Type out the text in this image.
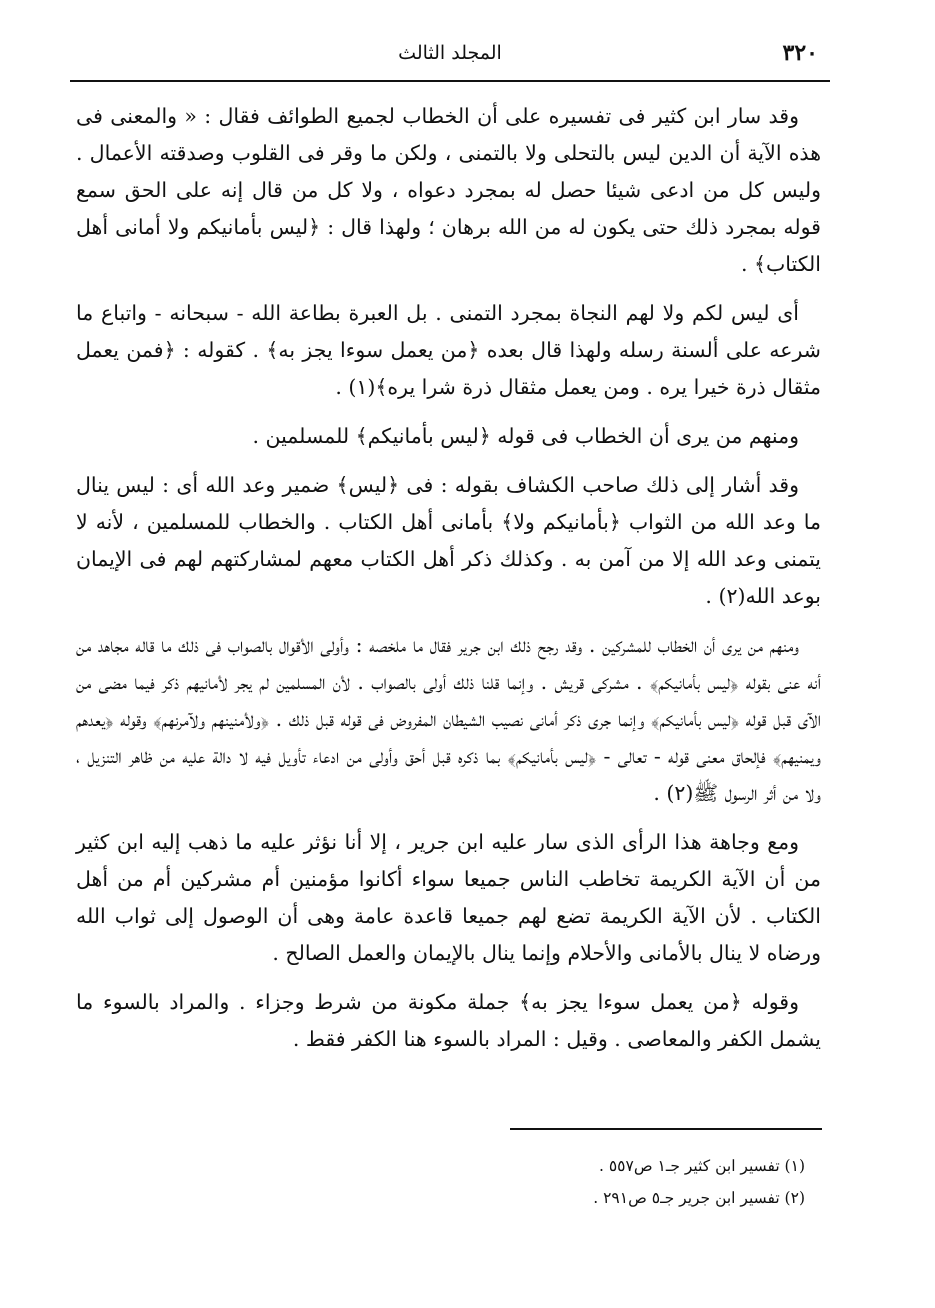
٣٢٠
المجلد الثالث

وقد سار ابن كثير فى تفسيره على أن الخطاب لجميع الطوائف فقال : « والمعنى فى هذه الآية أن الدين ليس بالتحلى ولا بالتمنى ، ولكن ما وقر فى القلوب وصدقته الأعمال . وليس كل من ادعى شيئا حصل له بمجرد دعواه ، ولا كل من قال إنه على الحق سمع قوله بمجرد ذلك حتى يكون له من الله برهان ؛ ولهذا قال : ﴿ليس بأمانيكم ولا أمانى أهل الكتاب﴾ .

أى ليس لكم ولا لهم النجاة بمجرد التمنى . بل العبرة بطاعة الله - سبحانه - واتباع ما شرعه على ألسنة رسله ولهذا قال بعده ﴿من يعمل سوءا يجز به﴾ . كقوله : ﴿فمن يعمل مثقال ذرة خيرا يره . ومن يعمل مثقال ذرة شرا يره﴾(١) .

ومنهم من يرى أن الخطاب فى قوله ﴿ليس بأمانيكم﴾ للمسلمين .

وقد أشار إلى ذلك صاحب الكشاف بقوله : فى ﴿ليس﴾ ضمير وعد الله أى : ليس ينال ما وعد الله من الثواب ﴿بأمانيكم ولا﴾ بأمانى أهل الكتاب . والخطاب للمسلمين ، لأنه لا يتمنى وعد الله إلا من آمن به . وكذلك ذكر أهل الكتاب معهم لمشاركتهم لهم فى الإيمان بوعد الله(٢) .

ومنهم من يرى أن الخطاب للمشركين . وقد رجح ذلك ابن جرير فقال ما ملخصه : وأولى الأقوال بالصواب فى ذلك ما قاله مجاهد من أنه عنى بقوله ﴿ليس بأمانيكم﴾ . مشركى قريش . وإنما قلنا ذلك أولى بالصواب . لأن المسلمين لم يجر لأمانيهم ذكر فيما مضى من الآى قبل قوله ﴿ليس بأمانيكم﴾ وإنما جرى ذكر أمانى نصيب الشيطان المفروض فى قوله قبل ذلك . ﴿ولأمنينهم ولآمرنهم﴾ وقوله ﴿يعدهم ويمنيهم﴾ فإلحاق معنى قوله - تعالى - ﴿ليس بأمانيكم﴾ بما ذكره قبل أحق وأولى من ادعاء تأويل فيه لا دالة عليه من ظاهر التنزيل ، ولا من أثر الرسول ﷺ(٢) .

ومع وجاهة هذا الرأى الذى سار عليه ابن جرير ، إلا أنا نؤثر عليه ما ذهب إليه ابن كثير من أن الآية الكريمة تخاطب الناس جميعا سواء أكانوا مؤمنين أم مشركين أم من أهل الكتاب . لأن الآية الكريمة تضع لهم جميعا قاعدة عامة وهى أن الوصول إلى ثواب الله ورضاه لا ينال بالأمانى والأحلام وإنما ينال بالإيمان والعمل الصالح .

وقوله ﴿من يعمل سوءا يجز به﴾ جملة مكونة من شرط وجزاء . والمراد بالسوء ما يشمل الكفر والمعاصى . وقيل : المراد بالسوء هنا الكفر فقط .

(١) تفسير ابن كثير جـ١ ص٥٥٧ .

(٢) تفسير ابن جرير جـ٥ ص٢٩١ .
